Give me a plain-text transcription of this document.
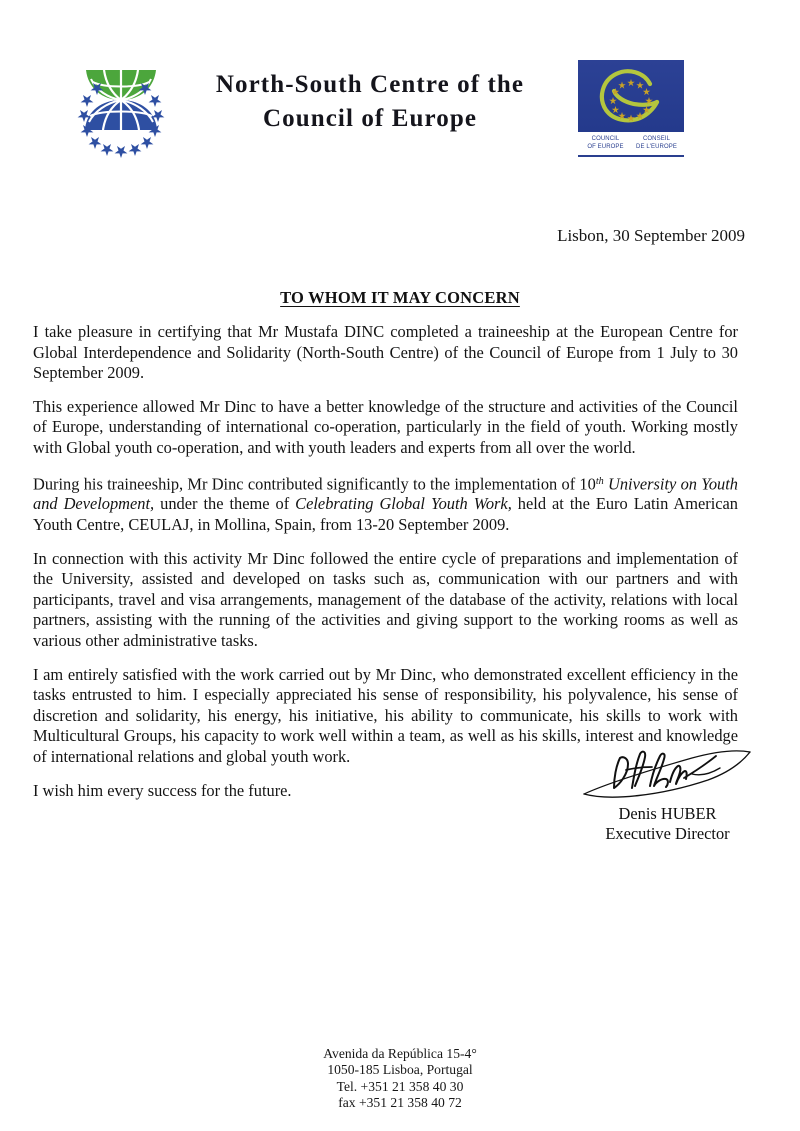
North-South Centre of the
Council of Europe
COUNCIL
OF EUROPE
CONSEIL
DE L'EUROPE
Lisbon, 30 September 2009
TO WHOM IT MAY CONCERN

I take pleasure in certifying that Mr Mustafa DINC completed a traineeship at the European Centre for Global Interdependence and Solidarity (North-South Centre) of the Council of Europe from 1 July to 30 September 2009.

This experience allowed Mr Dinc to have a better knowledge of the structure and activities of the Council of Europe, understanding of international co-operation, particularly in the field of youth. Working mostly with Global youth co-operation, and with youth leaders and experts from all over the world.

During his traineeship, Mr Dinc contributed significantly to the implementation of 10th University on Youth and Development, under the theme of Celebrating Global Youth Work, held at the Euro Latin American Youth Centre, CEULAJ, in Mollina, Spain, from 13-20 September 2009.

In connection with this activity Mr Dinc followed the entire cycle of preparations and implementation of the University, assisted and developed on tasks such as, communication with our partners and with participants, travel and visa arrangements, management of the database of the activity, relations with local partners, assisting with the running of the activities and giving support to the working rooms as well as various other administrative tasks.

I am entirely satisfied with the work carried out by Mr Dinc, who demonstrated excellent efficiency in the tasks entrusted to him. I especially appreciated his sense of responsibility, his polyvalence, his sense of discretion and solidarity, his energy, his initiative, his ability to communicate, his skills to work with Multicultural Groups, his capacity to work well within a team, as well as his skills, interest and knowledge of international relations and global youth work.

I wish him every success for the future.

Denis HUBER
Executive Director
Avenida da República 15-4°
1050-185 Lisboa, Portugal
Tel. +351 21 358 40 30
fax +351 21 358 40 72
